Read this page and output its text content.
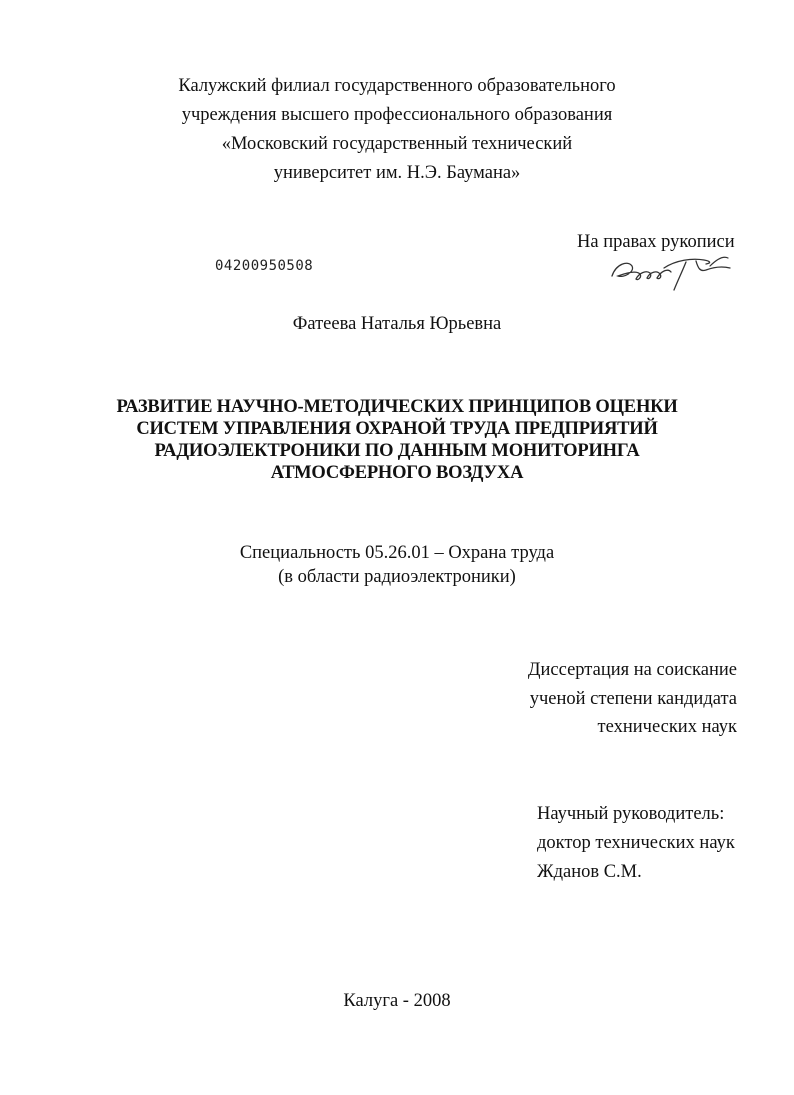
Калужский филиал государственного образовательного
учреждения высшего профессионального образования
«Московский государственный технический
университет им. Н.Э. Баумана»
На правах рукописи
04200950508
Фатеева Наталья Юрьевна
РАЗВИТИЕ НАУЧНО-МЕТОДИЧЕСКИХ ПРИНЦИПОВ ОЦЕНКИ
СИСТЕМ УПРАВЛЕНИЯ ОХРАНОЙ ТРУДА ПРЕДПРИЯТИЙ
РАДИОЭЛЕКТРОНИКИ ПО ДАННЫМ МОНИТОРИНГА
АТМОСФЕРНОГО ВОЗДУХА
Специальность 05.26.01 – Охрана труда
(в области радиоэлектроники)
Диссертация на соискание
ученой степени кандидата
технических наук
Научный руководитель:
доктор технических наук
Жданов С.М.
Калуга - 2008
